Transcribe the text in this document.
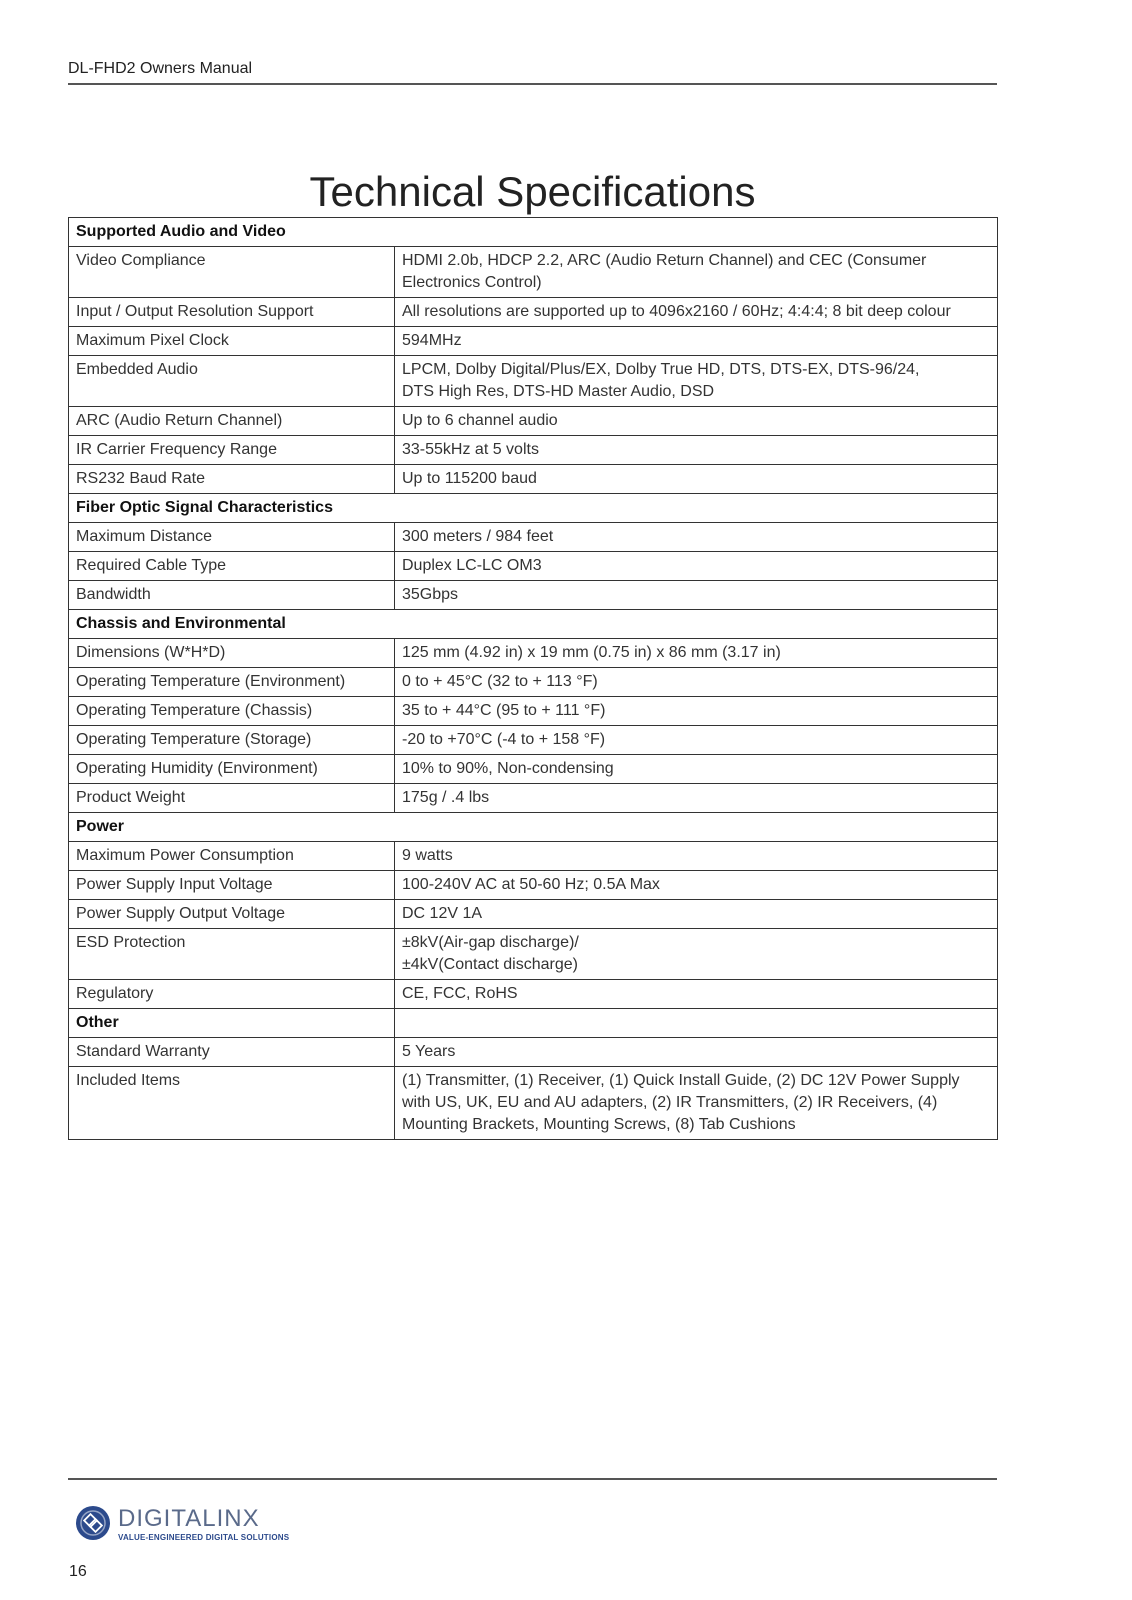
DL-FHD2 Owners Manual
Technical Specifications
Supported Audio and Video	
Video Compliance	HDMI 2.0b, HDCP 2.2, ARC (Audio Return Channel) and CEC (Consumer Electronics Control)
Input / Output Resolution Support	All resolutions are supported up to 4096x2160 / 60Hz; 4:4:4; 8 bit deep colour
Maximum Pixel Clock	594MHz
Embedded Audio	LPCM, Dolby Digital/Plus/EX, Dolby True HD, DTS, DTS-EX, DTS-96/24,
DTS High Res, DTS-HD Master Audio, DSD
ARC (Audio Return Channel)	Up to 6 channel audio
IR Carrier Frequency Range	33-55kHz at 5 volts
RS232 Baud Rate	Up to 115200 baud
Fiber Optic Signal Characteristics	
Maximum Distance	300 meters / 984 feet
Required Cable Type	Duplex LC-LC OM3
Bandwidth	35Gbps
Chassis and Environmental	
Dimensions (W*H*D)	125 mm (4.92 in) x 19 mm (0.75 in) x 86 mm (3.17 in)
Operating Temperature (Environment)	0 to + 45°C (32 to + 113 °F)
Operating Temperature (Chassis)	35 to + 44°C (95 to + 111 °F)
Operating Temperature (Storage)	-20 to +70°C (-4 to + 158 °F)
Operating Humidity (Environment)	10% to 90%, Non-condensing
Product Weight	175g / .4 lbs
Power	
Maximum Power Consumption	9 watts
Power Supply Input Voltage	100-240V AC at 50-60 Hz; 0.5A Max
Power Supply Output Voltage	DC 12V 1A
ESD Protection	±8kV(Air-gap discharge)/
±4kV(Contact discharge)
Regulatory	CE, FCC, RoHS
Other	
Standard Warranty	5 Years
Included Items	(1) Transmitter, (1) Receiver, (1) Quick Install Guide, (2) DC 12V Power Supply with US, UK, EU and AU adapters, (2) IR Transmitters, (2) IR Receivers, (4) Mounting Brackets, Mounting Screws, (8) Tab Cushions
DIGITALINX
VALUE-ENGINEERED DIGITAL SOLUTIONS
16
